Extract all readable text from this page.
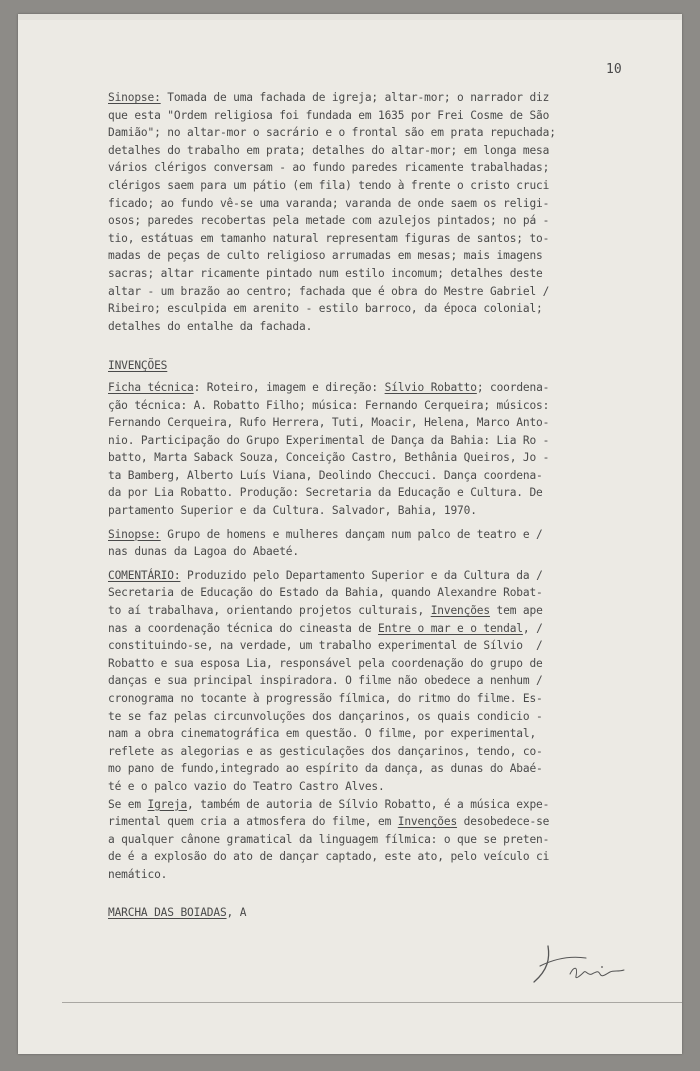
10
Sinopse: Tomada de uma fachada de igreja; altar-mor; o narrador diz
que esta "Ordem religiosa foi fundada em 1635 por Frei Cosme de São
Damião"; no altar-mor o sacrário e o frontal são em prata repuchada;
detalhes do trabalho em prata; detalhes do altar-mor; em longa mesa
vários clérigos conversam - ao fundo paredes ricamente trabalhadas;
clérigos saem para um pátio (em fila) tendo à frente o cristo cruci
ficado; ao fundo vê-se uma varanda; varanda de onde saem os religi-
osos; paredes recobertas pela metade com azulejos pintados; no pá -
tio, estátuas em tamanho natural representam figuras de santos; to-
madas de peças de culto religioso arrumadas em mesas; mais imagens
sacras; altar ricamente pintado num estilo incomum; detalhes deste
altar - um brazão ao centro; fachada que é obra do Mestre Gabriel /
Ribeiro; esculpida em arenito - estilo barroco, da época colonial;
detalhes do entalhe da fachada.
INVENÇÕES
Ficha técnica: Roteiro, imagem e direção: Sílvio Robatto; coordena-
ção técnica: A. Robatto Filho; música: Fernando Cerqueira; músicos:
Fernando Cerqueira, Rufo Herrera, Tuti, Moacir, Helena, Marco Anto-
nio. Participação do Grupo Experimental de Dança da Bahia: Lia Ro -
batto, Marta Saback Souza, Conceição Castro, Bethânia Queiros, Jo -
ta Bamberg, Alberto Luís Viana, Deolindo Checcuci. Dança coordena-
da por Lia Robatto. Produção: Secretaria da Educação e Cultura. De
partamento Superior e da Cultura. Salvador, Bahia, 1970.
Sinopse: Grupo de homens e mulheres dançam num palco de teatro e /
nas dunas da Lagoa do Abaeté.
COMENTÁRIO: Produzido pelo Departamento Superior e da Cultura da /
Secretaria de Educação do Estado da Bahia, quando Alexandre Robat-
to aí trabalhava, orientando projetos culturais, Invenções tem ape
nas a coordenação técnica do cineasta de Entre o mar e o tendal, /
constituindo-se, na verdade, um trabalho experimental de Sílvio  /
Robatto e sua esposa Lia, responsável pela coordenação do grupo de
danças e sua principal inspiradora. O filme não obedece a nenhum /
cronograma no tocante à progressão fílmica, do ritmo do filme. Es-
te se faz pelas circunvoluções dos dançarinos, os quais condicio -
nam a obra cinematográfica em questão. O filme, por experimental,
reflete as alegorias e as gesticulações dos dançarinos, tendo, co-
mo pano de fundo,integrado ao espírito da dança, as dunas do Abaé-
té e o palco vazio do Teatro Castro Alves.
Se em Igreja, também de autoria de Sílvio Robatto, é a música expe-
rimental quem cria a atmosfera do filme, em Invenções desobedece-se
a qualquer cânone gramatical da linguagem fílmica: o que se preten-
de é a explosão do ato de dançar captado, este ato, pelo veículo ci
nemático.
MARCHA DAS BOIADAS, A
